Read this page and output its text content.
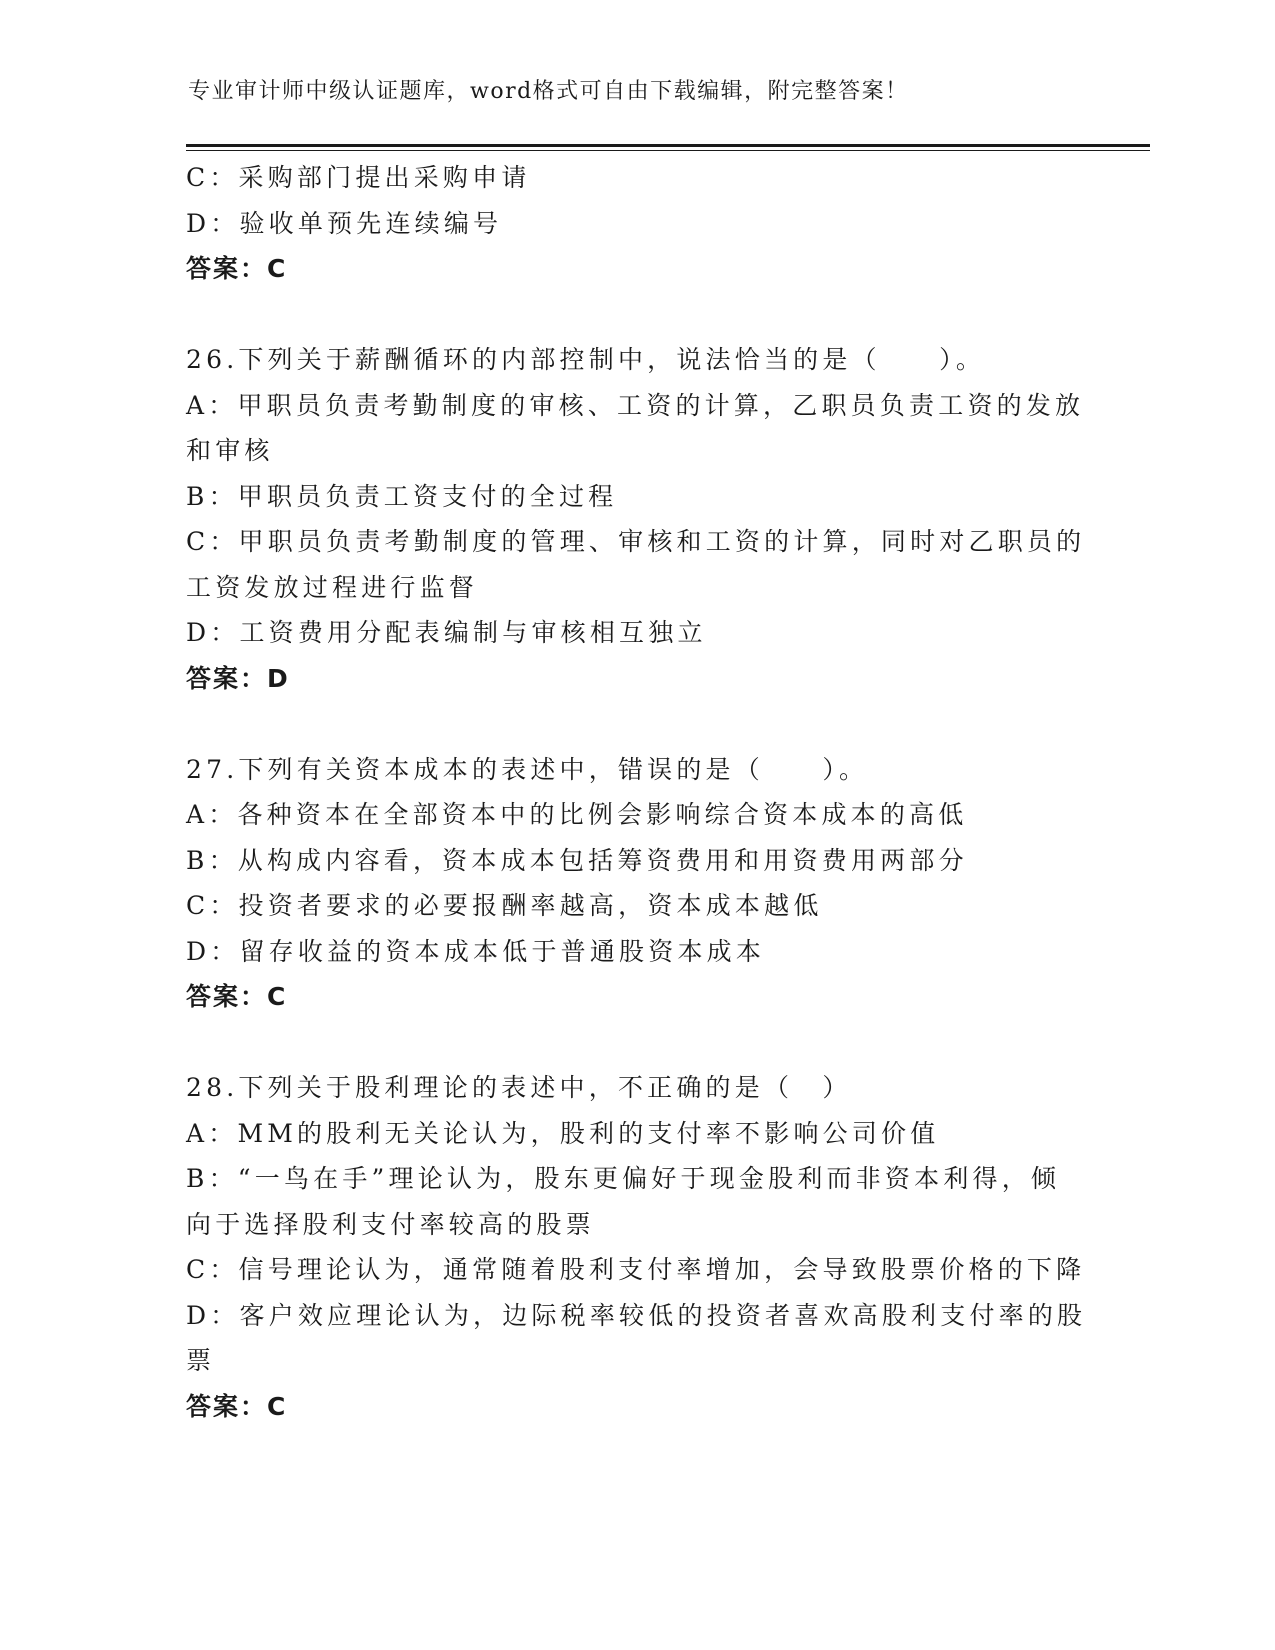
专业审计师中级认证题库，word格式可自由下载编辑，附完整答案！
C：采购部门提出采购申请
D：验收单预先连续编号
答案：C
26.下列关于薪酬循环的内部控制中，说法恰当的是（　　）。
A：甲职员负责考勤制度的审核、工资的计算，乙职员负责工资的发放
和审核
B：甲职员负责工资支付的全过程
C：甲职员负责考勤制度的管理、审核和工资的计算，同时对乙职员的
工资发放过程进行监督
D：工资费用分配表编制与审核相互独立
答案：D
27.下列有关资本成本的表述中，错误的是（　　）。
A：各种资本在全部资本中的比例会影响综合资本成本的高低
B：从构成内容看，资本成本包括筹资费用和用资费用两部分
C：投资者要求的必要报酬率越高，资本成本越低
D：留存收益的资本成本低于普通股资本成本
答案：C
28.下列关于股利理论的表述中，不正确的是（　）
A：MM的股利无关论认为，股利的支付率不影响公司价值
B：“一鸟在手”理论认为，股东更偏好于现金股利而非资本利得，倾
向于选择股利支付率较高的股票
C：信号理论认为，通常随着股利支付率增加，会导致股票价格的下降
D：客户效应理论认为，边际税率较低的投资者喜欢高股利支付率的股
票
答案：C
